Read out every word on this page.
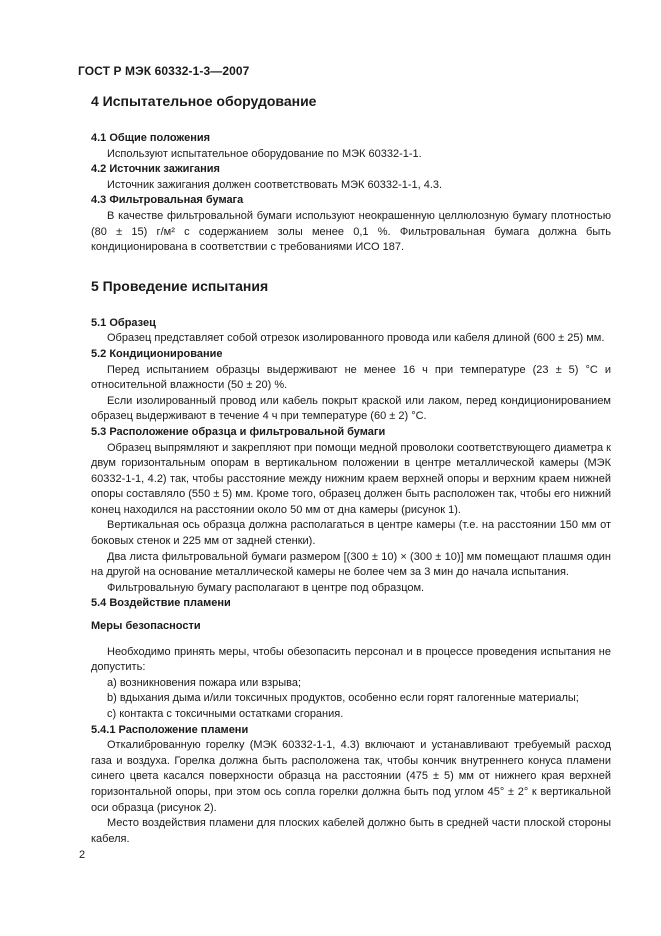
ГОСТ Р МЭК 60332-1-3—2007

4 Испытательное оборудование

4.1 Общие положения

Используют испытательное оборудование по МЭК 60332-1-1.

4.2 Источник зажигания

Источник зажигания должен соответствовать МЭК 60332-1-1, 4.3.

4.3 Фильтровальная бумага

В качестве фильтровальной бумаги используют неокрашенную целлюлозную бумагу плотностью (80 ± 15) г/м² с содержанием золы менее 0,1 %. Фильтровальная бумага должна быть кондиционирована в соответствии с требованиями ИСО 187.

5 Проведение испытания

5.1 Образец

Образец представляет собой отрезок изолированного провода или кабеля длиной (600 ± 25) мм.

5.2 Кондиционирование

Перед испытанием образцы выдерживают не менее 16 ч при температуре (23 ± 5) °С и относительной влажности (50 ± 20) %.

Если изолированный провод или кабель покрыт краской или лаком, перед кондиционированием образец выдерживают в течение 4 ч при температуре (60 ± 2) °С.

5.3 Расположение образца и фильтровальной бумаги

Образец выпрямляют и закрепляют при помощи медной проволоки соответствующего диаметра к двум горизонтальным опорам в вертикальном положении в центре металлической камеры (МЭК 60332-1-1, 4.2) так, чтобы расстояние между нижним краем верхней опоры и верхним краем нижней опоры составляло (550 ± 5) мм. Кроме того, образец должен быть расположен так, чтобы его нижний конец находился на расстоянии около 50 мм от дна камеры (рисунок 1).

Вертикальная ось образца должна располагаться в центре камеры (т.е. на расстоянии 150 мм от боковых стенок и 225 мм от задней стенки).

Два листа фильтровальной бумаги размером [(300 ± 10) × (300 ± 10)] мм помещают плашмя один на другой на основание металлической камеры не более чем за 3 мин до начала испытания.

Фильтровальную бумагу располагают в центре под образцом.

5.4 Воздействие пламени

Меры безопасности

Необходимо принять меры, чтобы обезопасить персонал и в процессе проведения испытания не допустить:

а) возникновения пожара или взрыва;

b) вдыхания дыма и/или токсичных продуктов, особенно если горят галогенные материалы;

с) контакта с токсичными остатками сгорания.

5.4.1 Расположение пламени

Откалиброванную горелку (МЭК 60332-1-1, 4.3) включают и устанавливают требуемый расход газа и воздуха. Горелка должна быть расположена так, чтобы кончик внутреннего конуса пламени синего цвета касался поверхности образца на расстоянии (475 ± 5) мм от нижнего края верхней горизонтальной опоры, при этом ось сопла горелки должна быть под углом 45° ± 2° к вертикальной оси образца (рисунок 2).

Место воздействия пламени для плоских кабелей должно быть в средней части плоской стороны кабеля.

2
